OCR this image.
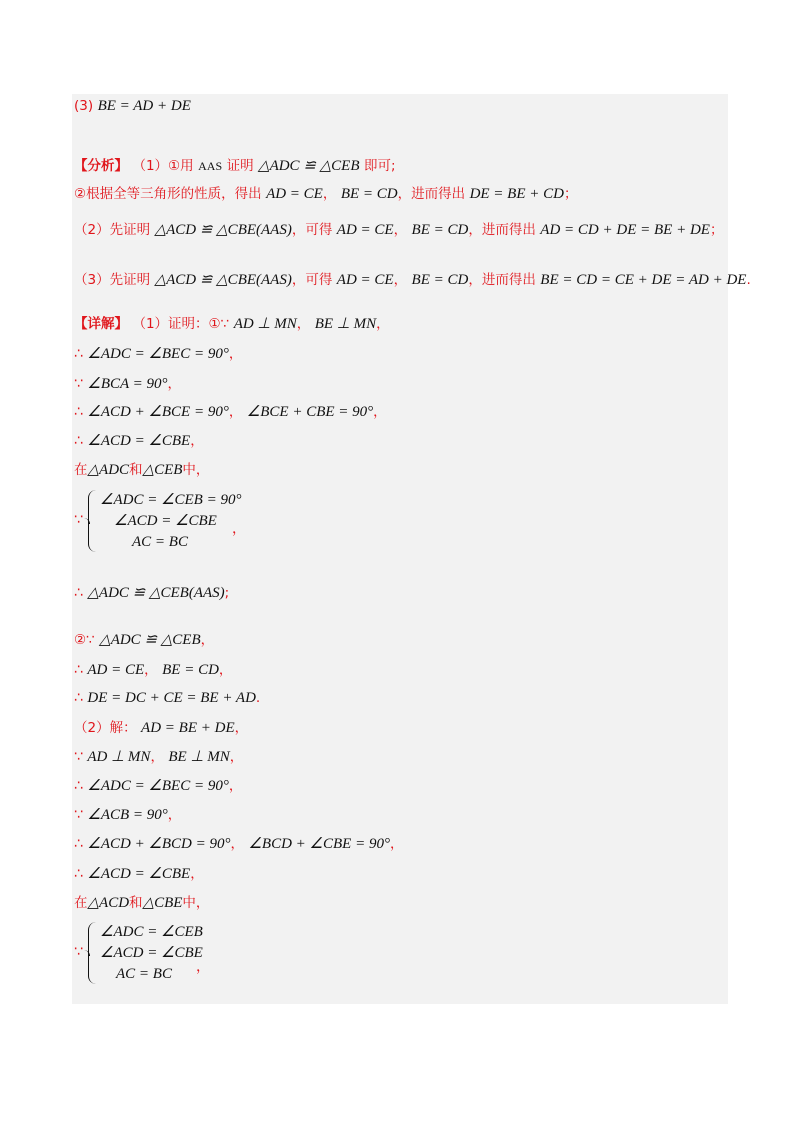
(3) BE = AD + DE
【分析】 （1）①用 AAS 证明 △ADC ≌ △CEB 即可;
②根据全等三角形的性质，得出 AD = CE， BE = CD，进而得出 DE = BE + CD；
（2）先证明 △ACD ≌ △CBE(AAS)，可得 AD = CE， BE = CD，进而得出 AD = CD + DE = BE + DE；
（3）先证明 △ACD ≌ △CBE(AAS)，可得 AD = CE， BE = CD，进而得出 BE = CD = CE + DE = AD + DE.
【详解】 （1）证明：①∵ AD ⊥ MN， BE ⊥ MN，
∴ ∠ADC = ∠BEC = 90°，
∵ ∠BCA = 90°，
∴ ∠ACD + ∠BCE = 90°， ∠BCE + CBE = 90°，
∴ ∠ACD = ∠CBE，
在△ADC和△CEB中，
∵
∠ADC = ∠CEB = 90°
∠ACD = ∠CBE
AC = BC
，
∴ △ADC ≌ △CEB(AAS);
②∵ △ADC ≌ △CEB，
∴ AD = CE， BE = CD，
∴ DE = DC + CE = BE + AD.
（2）解： AD = BE + DE，
∵ AD ⊥ MN， BE ⊥ MN，
∴ ∠ADC = ∠BEC = 90°，
∵ ∠ACB = 90°，
∴ ∠ACD + ∠BCD = 90°， ∠BCD + ∠CBE = 90°，
∴ ∠ACD = ∠CBE，
在△ACD和△CBE中，
∵
∠ADC = ∠CEB
∠ACD = ∠CBE
AC = BC ，
